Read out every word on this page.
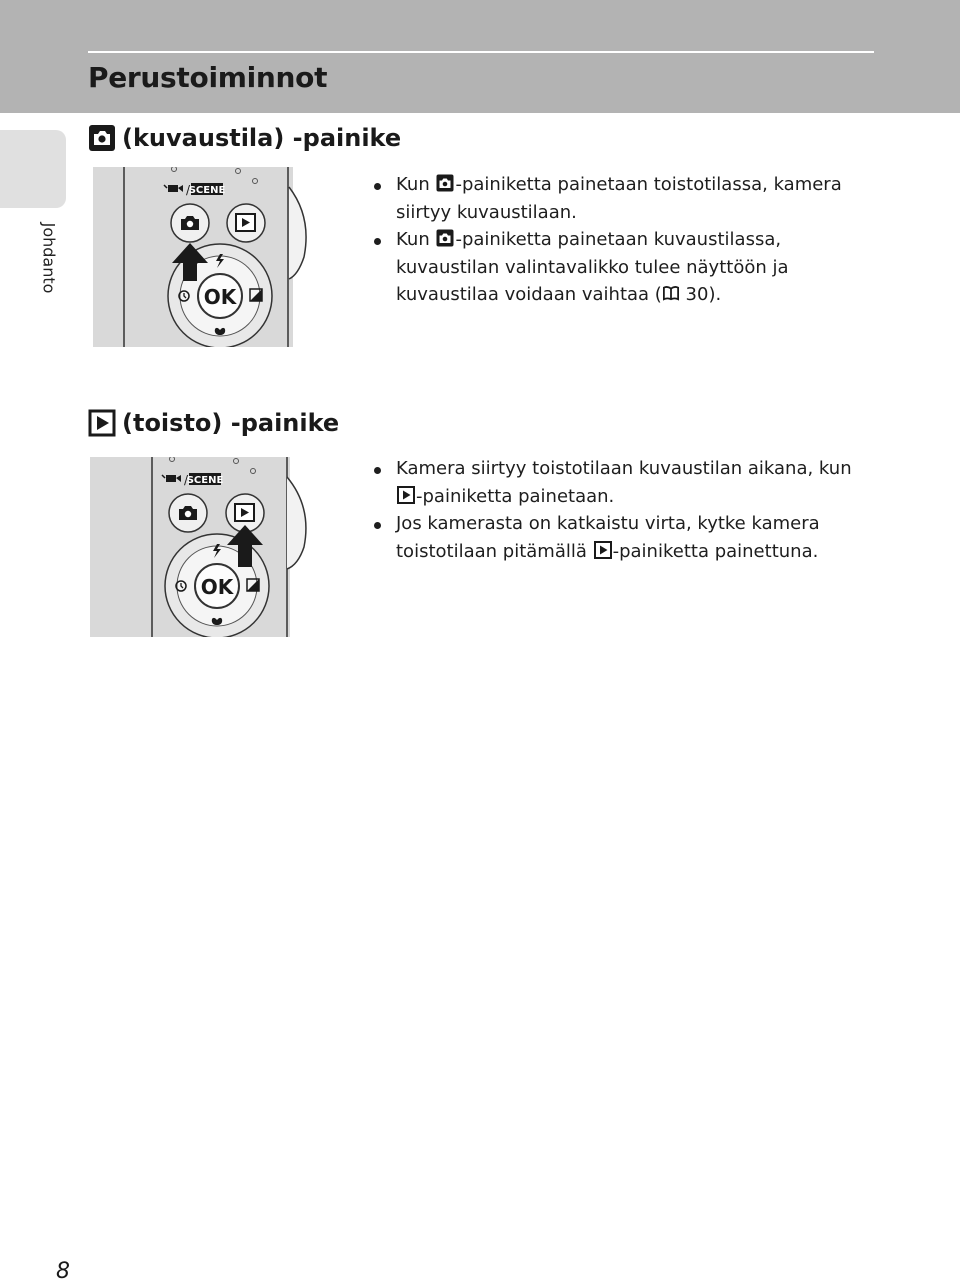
Perustoiminnot
Johdanto
(kuvaustila) -painike
/
SCENE
OK
Kun -painiketta painetaan toistotilassa, kamera siirtyy kuvaustilaan.
Kun -painiketta painetaan kuvaustilassa, kuvaustilan valintavalikko tulee näyttöön ja kuvaustilaa voidaan vaihtaa ( 30).
(toisto) -painike
/
SCENE
OK
Kamera siirtyy toistotilaan kuvaustilan aikana, kun -painiketta painetaan.
Jos kamerasta on katkaistu virta, kytke kamera toistotilaan pitämällä -painiketta painettuna.
8
